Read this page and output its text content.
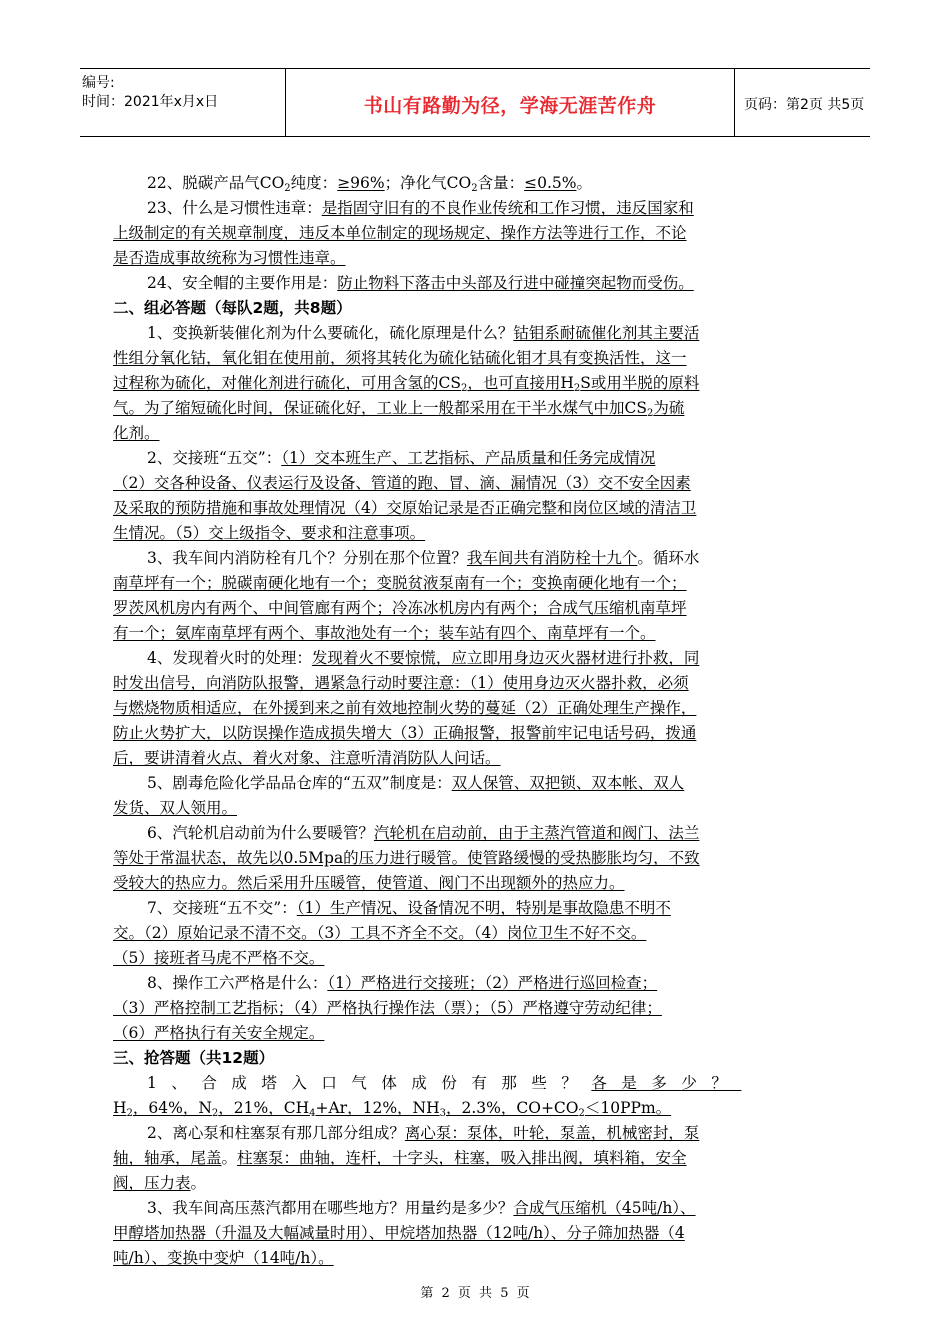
编号:
时间：2021年x月x日	书山有路勤为径，学海无涯苦作舟	页码：第2页 共5页
22、脱碳产品气$CO_2$纯度：≥96%；净化气$CO_2$含量：≤0.5%。
23、什么是习惯性违章：是指固守旧有的不良作业传统和工作习惯，违反国家和
上级制定的有关规章制度，违反本单位制定的现场规定、操作方法等进行工作，不论
是否造成事故统称为习惯性违章。
24、安全帽的主要作用是：防止物料下落击中头部及行进中碰撞突起物而受伤。
二、组必答题（每队2题，共8题）
1、变换新装催化剂为什么要硫化，硫化原理是什么？钴钼系耐硫催化剂其主要活
性组分氧化钴，氧化钼在使用前，须将其转化为硫化钴硫化钼才具有变换活性，这一
过程称为硫化，对催化剂进行硫化，可用含氢的$CS_2$，也可直接用$H_2S$或用半脱的原料
气。为了缩短硫化时间，保证硫化好，工业上一般都采用在干半水煤气中加$CS_2$为硫
化剂。
2、交接班“五交”：（1）交本班生产、工艺指标、产品质量和任务完成情况
（2）交各种设备、仪表运行及设备、管道的跑、冒、滴、漏情况（3）交不安全因素
及采取的预防措施和事故处理情况（4）交原始记录是否正确完整和岗位区域的清洁卫
生情况。（5）交上级指令、要求和注意事项。
3、我车间内消防栓有几个？分别在那个位置？我车间共有消防栓十九个。循环水
南草坪有一个；脱碳南硬化地有一个；变脱贫液泵南有一个；变换南硬化地有一个；
罗茨风机房内有两个、中间管廊有两个；冷冻冰机房内有两个；合成气压缩机南草坪
有一个；氨库南草坪有两个、事故池处有一个；装车站有四个、南草坪有一个。
4、发现着火时的处理：发现着火不要惊慌，应立即用身边灭火器材进行扑救，同
时发出信号，向消防队报警，遇紧急行动时要注意：（1）使用身边灭火器扑救，必须
与燃烧物质相适应，在外援到来之前有效地控制火势的蔓延（2）正确处理生产操作，
防止火势扩大，以防误操作造成损失增大（3）正确报警，报警前牢记电话号码，拨通
后，要讲清着火点、着火对象、注意听清消防队人问话。
5、剧毒危险化学品品仓库的“五双”制度是：双人保管、双把锁、双本帐、双人
发货、双人领用。
6、汽轮机启动前为什么要暖管？汽轮机在启动前，由于主蒸汽管道和阀门、法兰
等处于常温状态，故先以0.5Mpa的压力进行暖管。使管路缓慢的受热膨胀均匀，不致
受较大的热应力。然后采用升压暖管，使管道、阀门不出现额外的热应力。
7、交接班“五不交”：（1）生产情况、设备情况不明，特别是事故隐患不明不
交。（2）原始记录不清不交。（3）工具不齐全不交。（4）岗位卫生不好不交。
（5）接班者马虎不严格不交。
8、操作工六严格是什么：（1）严格进行交接班；（2）严格进行巡回检查；
（3）严格控制工艺指标；（4）严格执行操作法（票）；（5）严格遵守劳动纪律；
（6）严格执行有关安全规定。
三、抢答题（共12题）
1、合成塔入口气体成份有那些？各是多少？
$H_2$，64%，$N_2$，21%，$CH_4+Ar$，12%，$NH_3$，2.3%，$CO+CO_2<10PPm$。
2、离心泵和柱塞泵有那几部分组成？离心泵：泵体，叶轮，泵盖，机械密封，泵
轴，轴承，尾盖。柱塞泵：曲轴，连杆，十字头，柱塞，吸入排出阀，填料箱，安全
阀，压力表。
3、我车间高压蒸汽都用在哪些地方？用量约是多少？合成气压缩机（45吨/h）、
甲醇塔加热器（升温及大幅减量时用）、甲烷塔加热器（12吨/h）、分子筛加热器（4
吨/h）、变换中变炉（14吨/h）。
第 2 页 共 5 页
